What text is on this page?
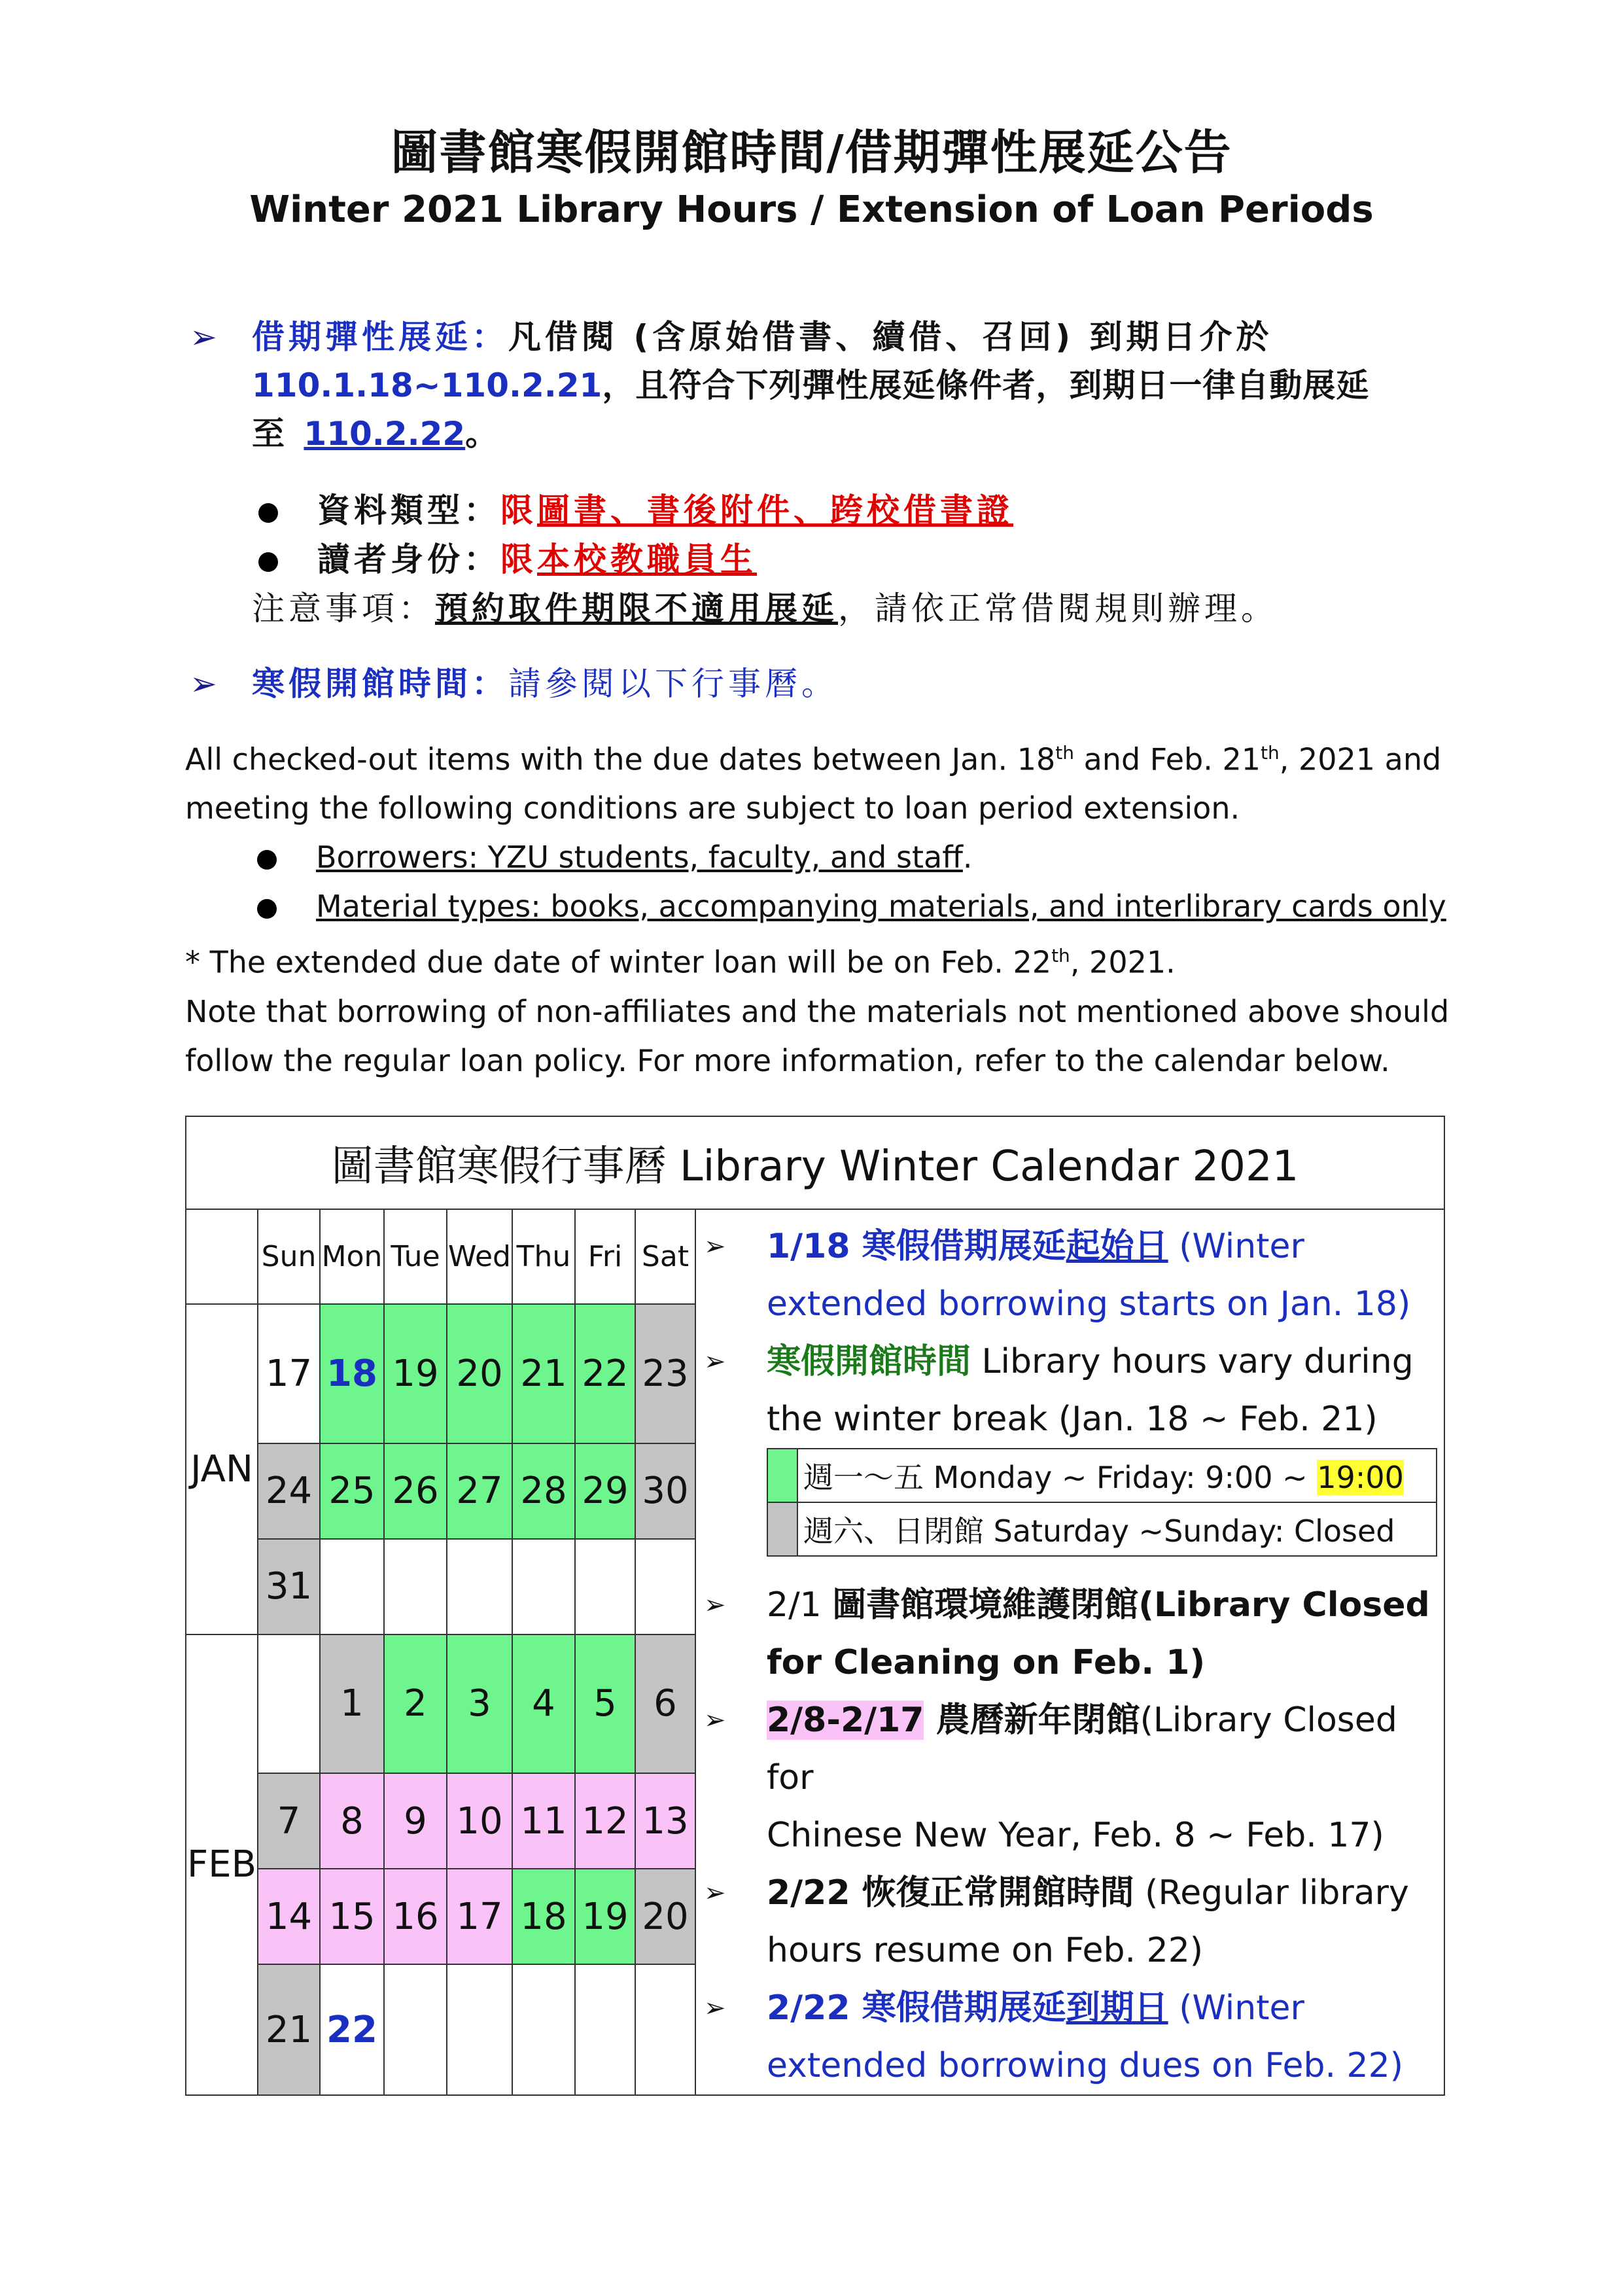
圖書館寒假開館時間/借期彈性展延公告
Winter 2021 Library Hours / Extension of Loan Periods
➢ 借期彈性展延：凡借閱 (含原始借書、續借、召回) 到期日介於
110.1.18~110.2.21，且符合下列彈性展延條件者，到期日一律自動展延
至 110.2.22。
資料類型：限圖書、書後附件、跨校借書證
讀者身份：限本校教職員生
注意事項：預約取件期限不適用展延，請依正常借閱規則辦理。
➢ 寒假開館時間：請參閱以下行事曆。
All checked-out items with the due dates between Jan. 18th and Feb. 21th, 2021 and
meeting the following conditions are subject to loan period extension.
Borrowers: YZU students, faculty, and staff.
Material types: books, accompanying materials, and interlibrary cards only
* The extended due date of winter loan will be on Feb. 22th, 2021.
Note that borrowing of non-affiliates and the materials not mentioned above should
follow the regular loan policy. For more information, refer to the calendar below.
圖書館寒假行事曆 Library Winter Calendar 2021
	Sun	Mon	Tue	Wed	Thu	Fri	Sat	➢ 1/18 寒假借期展延起始日 (Winter
extended borrowing starts on Jan. 18)
➢ 寒假開館時間 Library hours vary during
the winter break (Jan. 18 ~ Feb. 21)
	週一～五 Monday ~ Friday: 9:00 ~ 19:00
	週六、日閉館 Saturday ~Sunday: Closed
➢ 2/1 圖書館環境維護閉館(Library Closed
for Cleaning on Feb. 1)
➢ 2/8-2/17 農曆新年閉館(Library Closed for
Chinese New Year, Feb. 8 ~ Feb. 17)
➢ 2/22 恢復正常開館時間 (Regular library
hours resume on Feb. 22)
➢ 2/22 寒假借期展延到期日 (Winter
extended borrowing dues on Feb. 22)

JAN	17	18	19	20	21	22	23
24	25	26	27	28	29	30
31						
FEB		1	2	3	4	5	6
7	8	9	10	11	12	13
14	15	16	17	18	19	20
21	22					
